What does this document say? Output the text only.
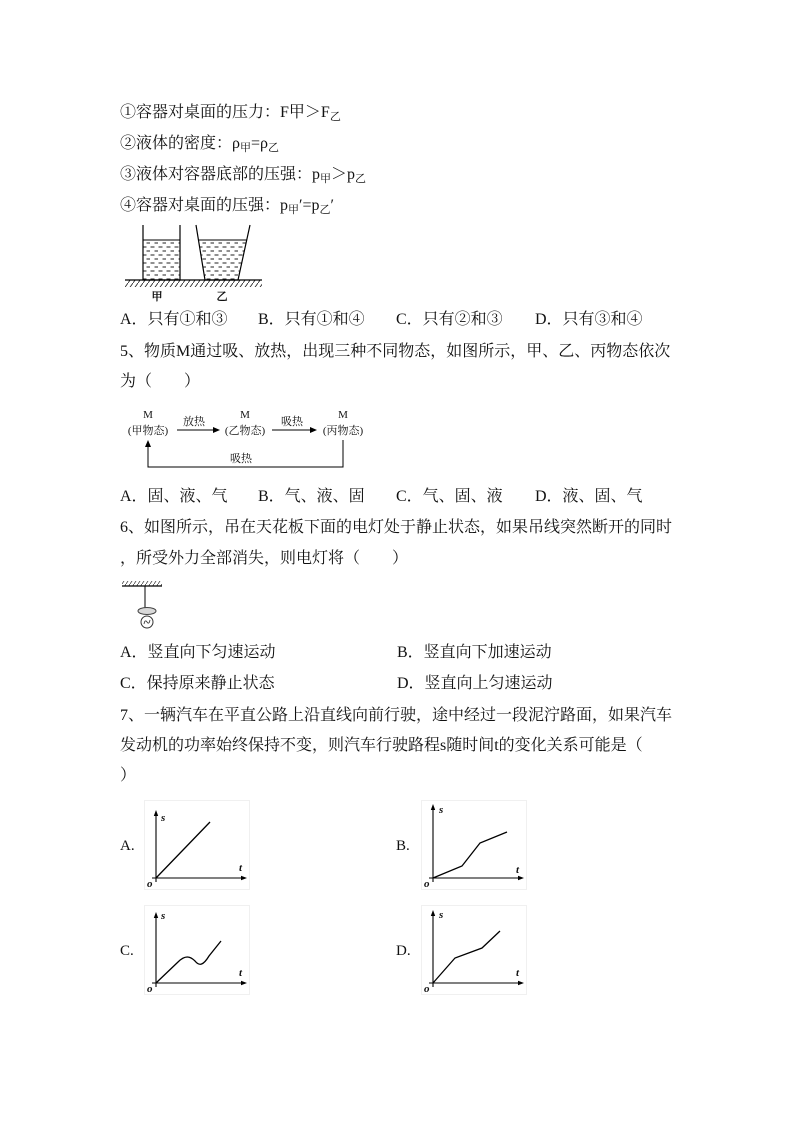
①容器对桌面的压力：F甲$>F_乙$
②液体的密度：$\rho_甲=\rho_乙$
③液体对容器底部的压强：$p_甲>p_乙$
④容器对桌面的压强：$p_甲'=p_乙'$
甲	乙
A．只有①和③ B．只有①和④ C．只有②和③ D．只有③和④
5、物质M通过吸、放热，出现三种不同物态，如图所示，甲、乙、丙物态依次
为（　　）
M
(甲物态)
放热
M
(乙物态)
吸热
M
(丙物态)
吸热
A．固、液、气 B．气、液、固 C．气、固、液 D．液、固、气
6、如图所示，吊在天花板下面的电灯处于静止状态，如果吊线突然断开的同时
，所受外力全部消失，则电灯将（　　）
A．竖直向下匀速运动	B．竖直向下加速运动
C．保持原来静止状态	D．竖直向上匀速运动
7、一辆汽车在平直公路上沿直线向前行驶，途中经过一段泥泞路面，如果汽车
发动机的功率始终保持不变，则汽车行驶路程s随时间t的变化关系可能是（
）
A.
s
t
o
B.
s
t
o
C.
s
t
o
D.
s
t
o
